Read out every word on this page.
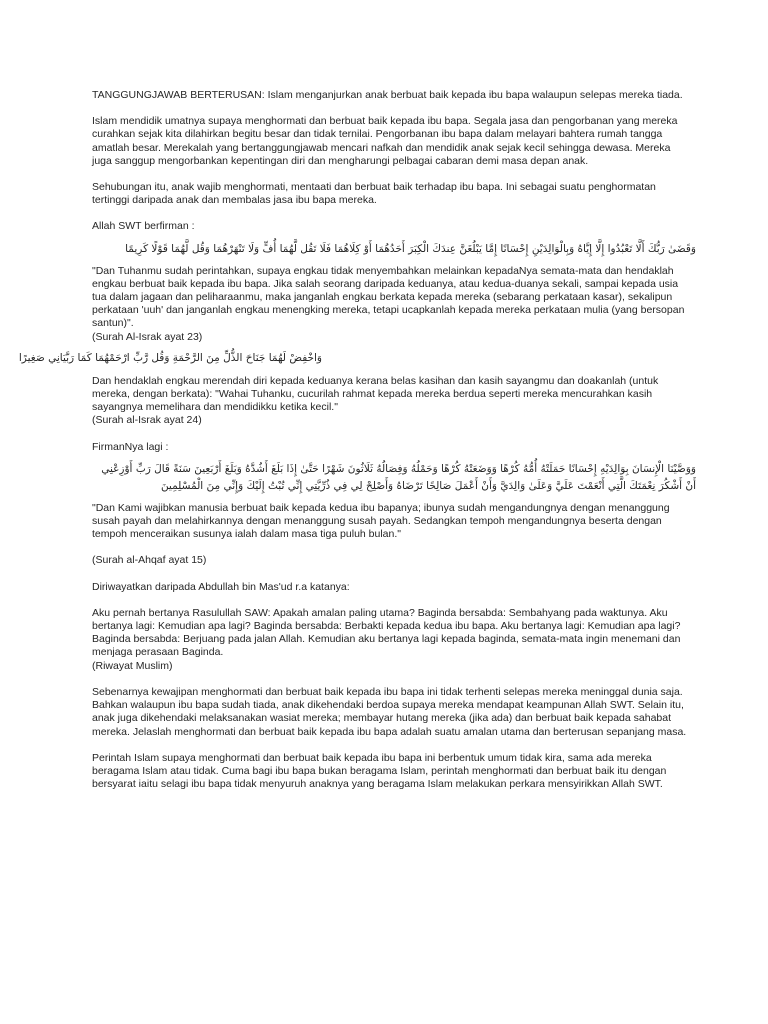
TANGGUNGJAWAB BERTERUSAN: Islam menganjurkan anak berbuat baik kepada ibu bapa walaupun selepas mereka tiada.

Islam mendidik umatnya supaya menghormati dan berbuat baik kepada ibu bapa. Segala jasa dan pengorbanan yang mereka curahkan sejak kita dilahirkan begitu besar dan tidak ternilai. Pengorbanan ibu bapa dalam melayari bahtera rumah tangga amatlah besar. Merekalah yang bertanggungjawab mencari nafkah dan mendidik anak sejak kecil sehingga dewasa. Mereka juga sanggup mengorbankan kepentingan diri dan mengharungi pelbagai cabaran demi masa depan anak.

Sehubungan itu, anak wajib menghormati, mentaati dan berbuat baik terhadap ibu bapa. Ini sebagai suatu penghormatan tertinggi daripada anak dan membalas jasa ibu bapa mereka.

Allah SWT berfirman :

وَقَضَىٰ رَبُّكَ أَلَّا تَعْبُدُوا إِلَّا إِيَّاهُ وَبِالْوَالِدَيْنِ إِحْسَانًا إِمَّا يَبْلُغَنَّ عِندَكَ الْكِبَرَ أَحَدُهُمَا أَوْ كِلَاهُمَا فَلَا تَقُل لَّهُمَا أُفٍّ وَلَا تَنْهَرْهُمَا وَقُل لَّهُمَا قَوْلًا كَرِيمًا

"Dan Tuhanmu sudah perintahkan, supaya engkau tidak menyembahkan melainkan kepadaNya semata-mata dan hendaklah engkau berbuat baik kepada ibu bapa. Jika salah seorang daripada keduanya, atau kedua-duanya sekali, sampai kepada usia tua dalam jagaan dan peliharaanmu, maka janganlah engkau berkata kepada mereka (sebarang perkataan kasar), sekalipun perkataan 'uuh' dan janganlah engkau menengking mereka, tetapi ucapkanlah kepada mereka perkataan mulia (yang bersopan santun)".

(Surah Al-Israk ayat 23)

وَاخْفِضْ لَهُمَا جَنَاحَ الذُّلِّ مِنَ الرَّحْمَةِ وَقُل رَّبِّ ارْحَمْهُمَا كَمَا رَبَّيَانِي صَغِيرًا

Dan hendaklah engkau merendah diri kepada keduanya kerana belas kasihan dan kasih sayangmu dan doakanlah (untuk mereka, dengan berkata): "Wahai Tuhanku, cucurilah rahmat kepada mereka berdua seperti mereka mencurahkan kasih sayangnya memelihara dan mendidikku ketika kecil."

(Surah al-Israk ayat 24)

FirmanNya lagi :

وَوَصَّيْنَا الْإِنسَانَ بِوَالِدَيْهِ إِحْسَانًا حَمَلَتْهُ أُمُّهُ كُرْهًا وَوَضَعَتْهُ كُرْهًا وَحَمْلُهُ وَفِصَالُهُ ثَلَاثُونَ شَهْرًا حَتَّىٰ إِذَا بَلَغَ أَشُدَّهُ وَبَلَغَ أَرْبَعِينَ سَنَةً قَالَ رَبِّ أَوْزِعْنِي أَنْ أَشْكُرَ نِعْمَتَكَ الَّتِي أَنْعَمْتَ عَلَيَّ وَعَلَىٰ وَالِدَيَّ وَأَنْ أَعْمَلَ صَالِحًا تَرْضَاهُ وَأَصْلِحْ لِي فِي ذُرِّيَّتِي إِنِّي تُبْتُ إِلَيْكَ وَإِنِّي مِنَ الْمُسْلِمِينَ

"Dan Kami wajibkan manusia berbuat baik kepada kedua ibu bapanya; ibunya sudah mengandungnya dengan menanggung susah payah dan melahirkannya dengan menanggung susah payah. Sedangkan tempoh mengandungnya beserta dengan tempoh menceraikan susunya ialah dalam masa tiga puluh bulan."

(Surah al-Ahqaf ayat 15)

Diriwayatkan daripada Abdullah bin Mas'ud r.a katanya:

Aku pernah bertanya Rasulullah SAW: Apakah amalan paling utama? Baginda bersabda: Sembahyang pada waktunya. Aku bertanya lagi: Kemudian apa lagi? Baginda bersabda: Berbakti kepada kedua ibu bapa. Aku bertanya lagi: Kemudian apa lagi? Baginda bersabda: Berjuang pada jalan Allah. Kemudian aku bertanya lagi kepada baginda, semata-mata ingin menemani dan menjaga perasaan Baginda.

(Riwayat Muslim)

Sebenarnya kewajipan menghormati dan berbuat baik kepada ibu bapa ini tidak terhenti selepas mereka meninggal dunia saja. Bahkan walaupun ibu bapa sudah tiada, anak dikehendaki berdoa supaya mereka mendapat keampunan Allah SWT. Selain itu, anak juga dikehendaki melaksanakan wasiat mereka; membayar hutang mereka (jika ada) dan berbuat baik kepada sahabat mereka. Jelaslah menghormati dan berbuat baik kepada ibu bapa adalah suatu amalan utama dan berterusan sepanjang masa.

Perintah Islam supaya menghormati dan berbuat baik kepada ibu bapa ini berbentuk umum tidak kira, sama ada mereka beragama Islam atau tidak. Cuma bagi ibu bapa bukan beragama Islam, perintah menghormati dan berbuat baik itu dengan bersyarat iaitu selagi ibu bapa tidak menyuruh anaknya yang beragama Islam melakukan perkara mensyirikkan Allah SWT.
